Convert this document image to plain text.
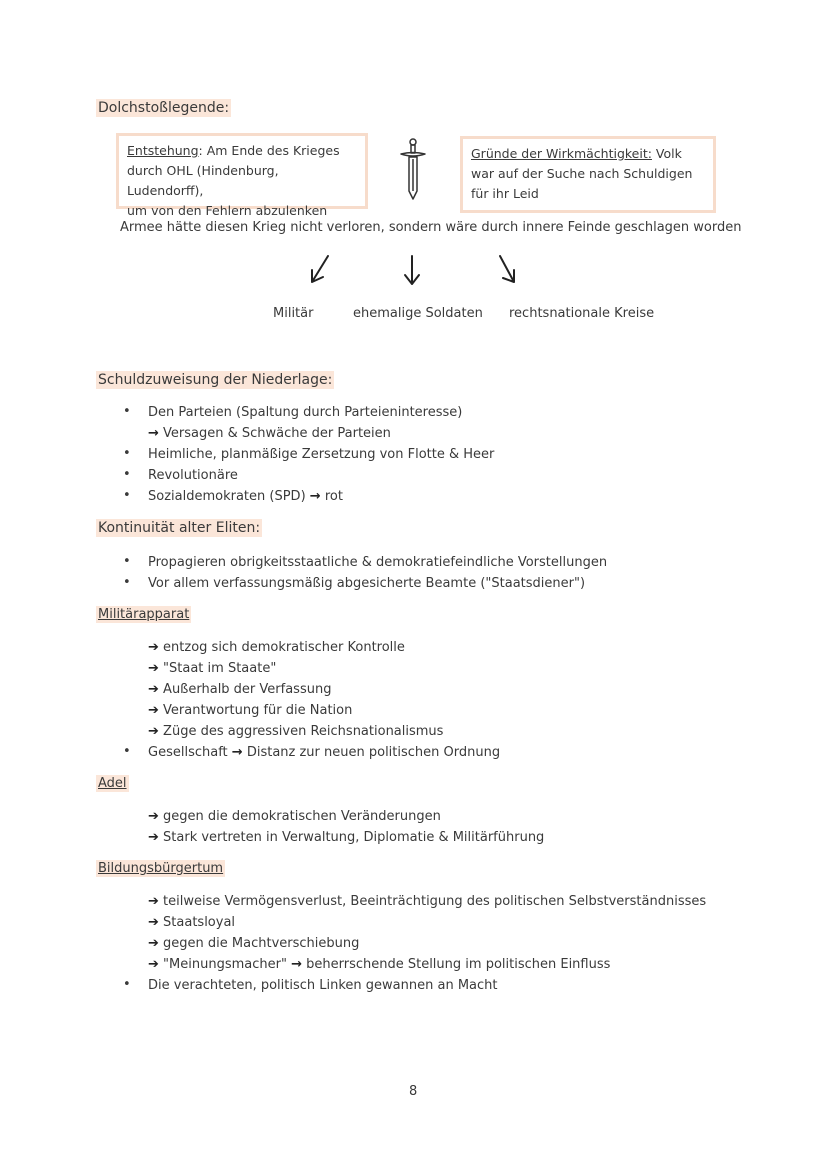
Dolchstoßlegende:
Entstehung: Am Ende des Krieges
durch OHL (Hindenburg, Ludendorff),
um von den Fehlern abzulenken
Gründe der Wirkmächtigkeit: Volk
war auf der Suche nach Schuldigen
für ihr Leid
Armee hätte diesen Krieg nicht verloren, sondern wäre durch innere Feinde geschlagen worden
Militär	ehemalige Soldaten rechtsnationale Kreise
Schuldzuweisung der Niederlage:
• Den Parteien (Spaltung durch Parteieninteresse)
→ Versagen & Schwäche der Parteien
• Heimliche, planmäßige Zersetzung von Flotte & Heer
• Revolutionäre
• Sozialdemokraten (SPD) → rot
Kontinuität alter Eliten:
• Propagieren obrigkeitsstaatliche & demokratiefeindliche Vorstellungen
• Vor allem verfassungsmäßig abgesicherte Beamte ("Staatsdiener")
Militärapparat
➔ entzog sich demokratischer Kontrolle
➔ "Staat im Staate"
➔ Außerhalb der Verfassung
➔ Verantwortung für die Nation
➔ Züge des aggressiven Reichsnationalismus
• Gesellschaft → Distanz zur neuen politischen Ordnung
Adel
➔ gegen die demokratischen Veränderungen
➔ Stark vertreten in Verwaltung, Diplomatie & Militärführung
Bildungsbürgertum
➔ teilweise Vermögensverlust, Beeinträchtigung des politischen Selbstverständnisses
➔ Staatsloyal
➔ gegen die Machtverschiebung
➔ "Meinungsmacher" → beherrschende Stellung im politischen Einfluss
• Die verachteten, politisch Linken gewannen an Macht
8
